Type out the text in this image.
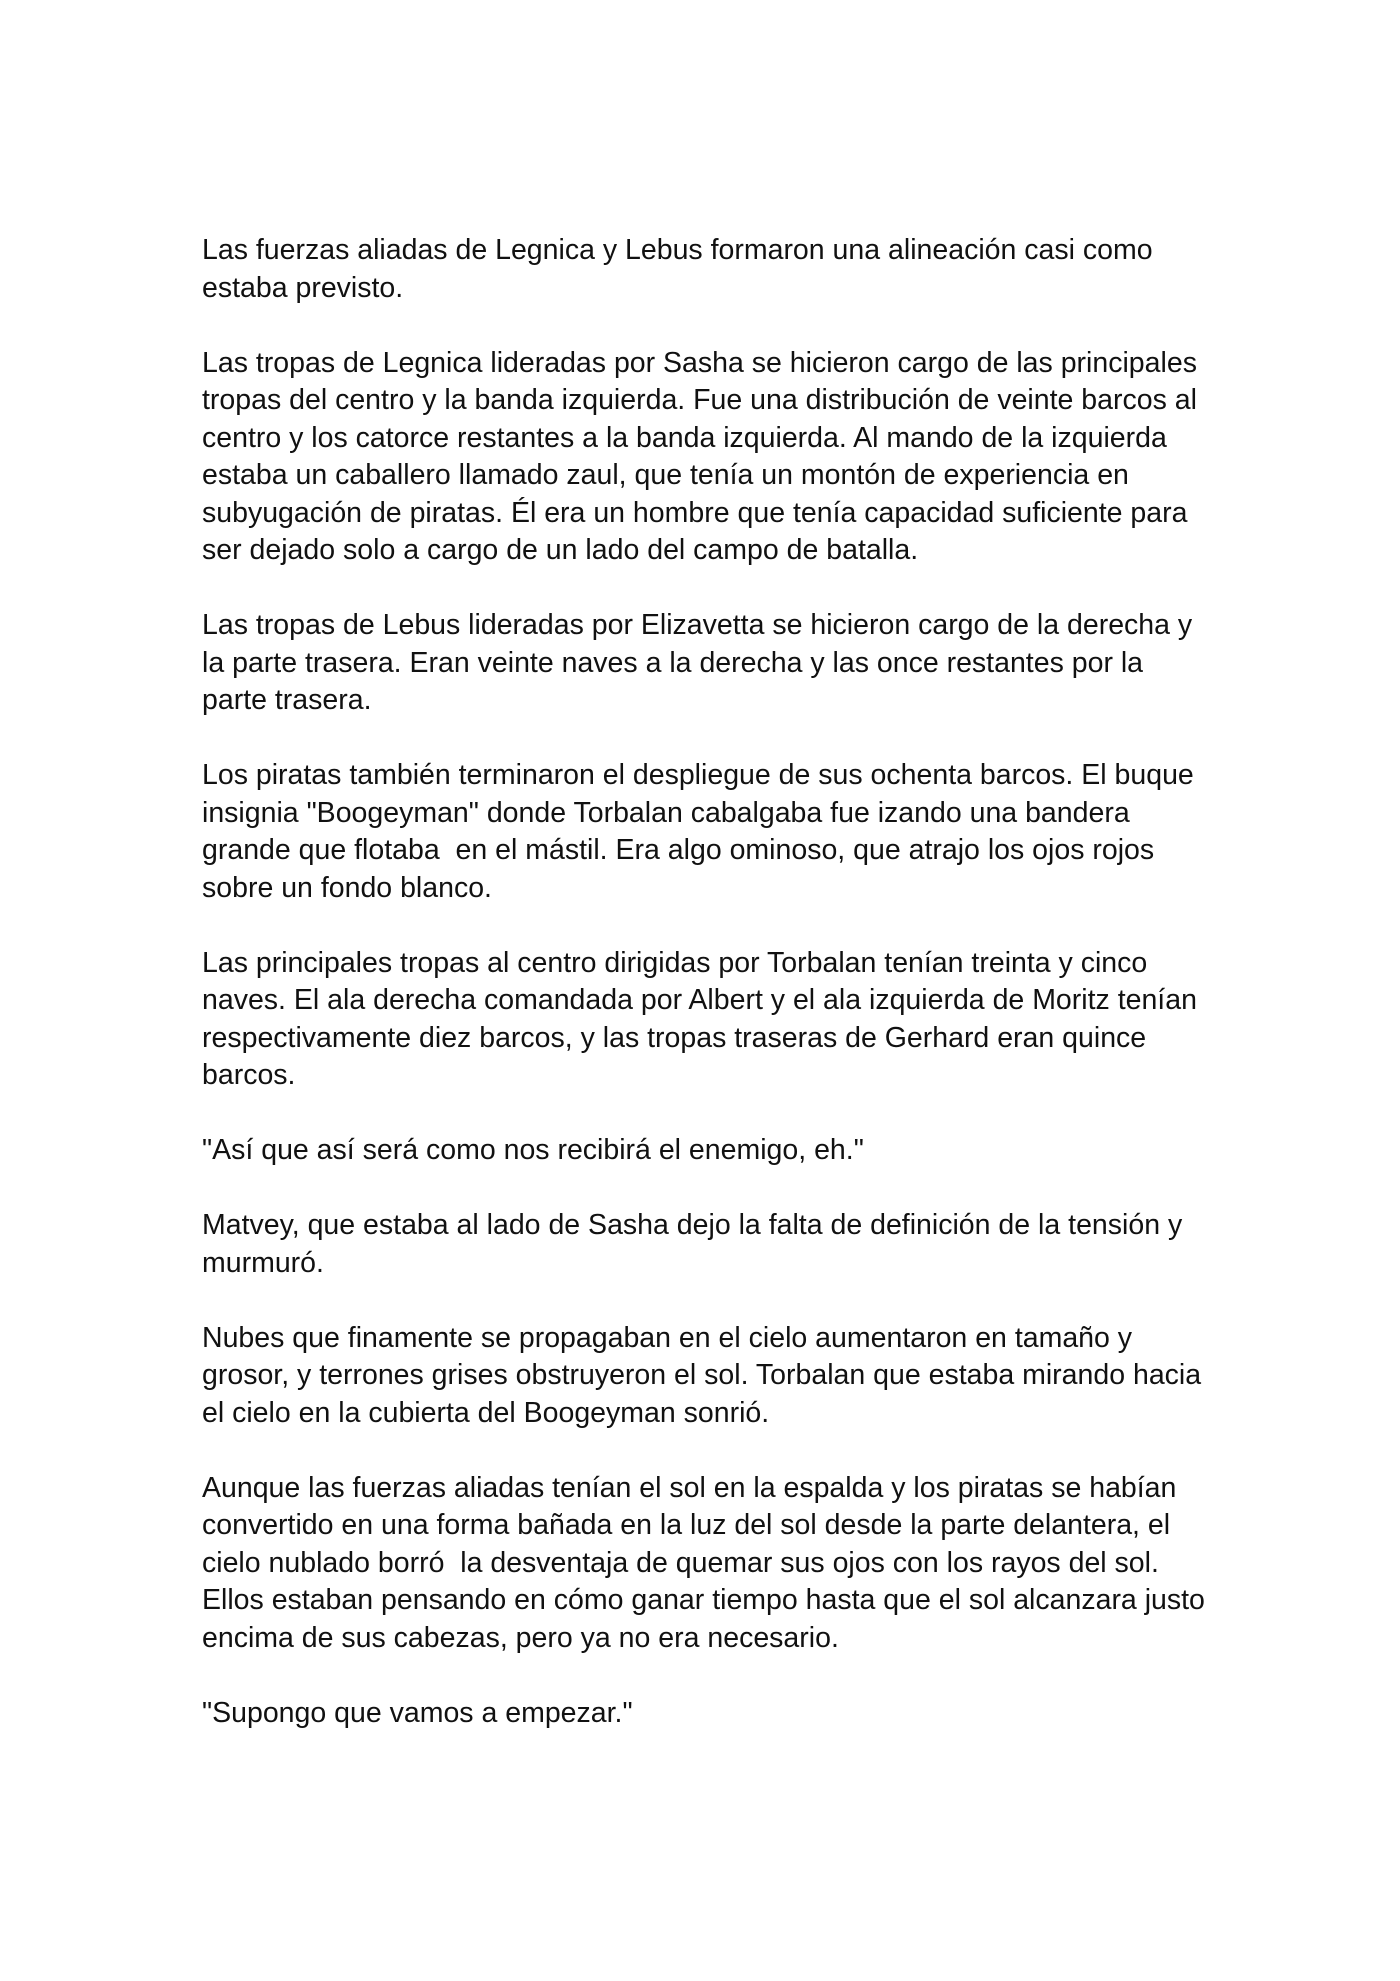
Las fuerzas aliadas de Legnica y Lebus formaron una alineación casi como estaba previsto.

Las tropas de Legnica lideradas por Sasha se hicieron cargo de las principales tropas del centro y la banda izquierda. Fue una distribución de veinte barcos al centro y los catorce restantes a la banda izquierda. Al mando de la izquierda estaba un caballero llamado zaul, que tenía un montón de experiencia en subyugación de piratas. Él era un hombre que tenía capacidad suficiente para ser dejado solo a cargo de un lado del campo de batalla.

Las tropas de Lebus lideradas por Elizavetta se hicieron cargo de la derecha y la parte trasera. Eran veinte naves a la derecha y las once restantes por la parte trasera.

Los piratas también terminaron el despliegue de sus ochenta barcos. El buque insignia "Boogeyman" donde Torbalan cabalgaba fue izando una bandera grande que flotaba  en el mástil. Era algo ominoso, que atrajo los ojos rojos sobre un fondo blanco.

Las principales tropas al centro dirigidas por Torbalan tenían treinta y cinco naves. El ala derecha comandada por Albert y el ala izquierda de Moritz tenían respectivamente diez barcos, y las tropas traseras de Gerhard eran quince barcos.

"Así que así será como nos recibirá el enemigo, eh."

Matvey, que estaba al lado de Sasha dejo la falta de definición de la tensión y murmuró.

Nubes que finamente se propagaban en el cielo aumentaron en tamaño y grosor, y terrones grises obstruyeron el sol. Torbalan que estaba mirando hacia el cielo en la cubierta del Boogeyman sonrió.

Aunque las fuerzas aliadas tenían el sol en la espalda y los piratas se habían convertido en una forma bañada en la luz del sol desde la parte delantera, el cielo nublado borró  la desventaja de quemar sus ojos con los rayos del sol. Ellos estaban pensando en cómo ganar tiempo hasta que el sol alcanzara justo encima de sus cabezas, pero ya no era necesario.

"Supongo que vamos a empezar."
